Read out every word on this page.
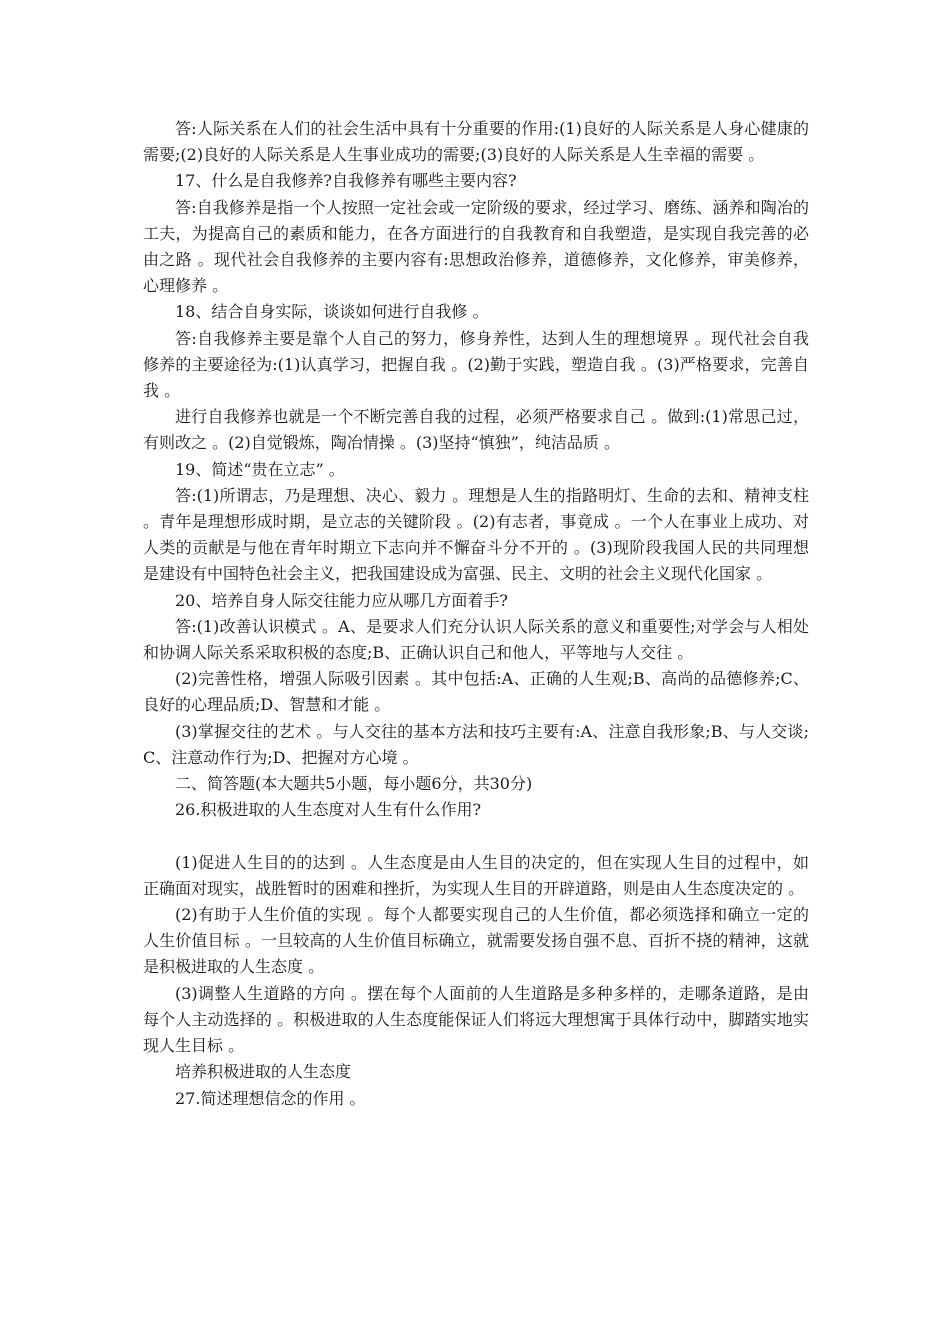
答:人际关系在人们的社会生活中具有十分重要的作用:(1)良好的人际关系是人身心健康的需要;(2)良好的人际关系是人生事业成功的需要;(3)良好的人际关系是人生幸福的需要 。

17、什么是自我修养?自我修养有哪些主要内容?

答:自我修养是指一个人按照一定社会或一定阶级的要求，经过学习、磨练、涵养和陶冶的工夫，为提高自己的素质和能力，在各方面进行的自我教育和自我塑造，是实现自我完善的必由之路 。现代社会自我修养的主要内容有:思想政治修养，道德修养，文化修养，审美修养，心理修养 。

18、结合自身实际，谈谈如何进行自我修 。

答:自我修养主要是靠个人自己的努力，修身养性，达到人生的理想境界 。现代社会自我修养的主要途径为:(1)认真学习，把握自我 。(2)勤于实践，塑造自我 。(3)严格要求，完善自我 。

进行自我修养也就是一个不断完善自我的过程，必须严格要求自己 。做到:(1)常思己过，有则改之 。(2)自觉锻炼，陶冶情操 。(3)坚持“慎独”，纯洁品质 。

19、简述“贵在立志” 。

答:(1)所谓志，乃是理想、决心、毅力 。理想是人生的指路明灯、生命的去和、精神支柱 。青年是理想形成时期，是立志的关键阶段 。(2)有志者，事竟成 。一个人在事业上成功、对人类的贡献是与他在青年时期立下志向并不懈奋斗分不开的 。(3)现阶段我国人民的共同理想是建设有中国特色社会主义，把我国建设成为富强、民主、文明的社会主义现代化国家 。

20、培养自身人际交往能力应从哪几方面着手?

答:(1)改善认识模式 。A、是要求人们充分认识人际关系的意义和重要性;对学会与人相处和协调人际关系采取积极的态度;B、正确认识自己和他人，平等地与人交往 。

(2)完善性格，增强人际吸引因素 。其中包括:A、正确的人生观;B、高尚的品德修养;C、良好的心理品质;D、智慧和才能 。

(3)掌握交往的艺术 。与人交往的基本方法和技巧主要有:A、注意自我形象;B、与人交谈;C、注意动作行为;D、把握对方心境 。

二、简答题(本大题共5小题，每小题6分，共30分)

26.积极进取的人生态度对人生有什么作用?

(1)促进人生目的的达到 。人生态度是由人生目的决定的，但在实现人生目的过程中，如正确面对现实，战胜暂时的困难和挫折，为实现人生目的开辟道路，则是由人生态度决定的 。

(2)有助于人生价值的实现 。每个人都要实现自己的人生价值，都必须选择和确立一定的人生价值目标 。一旦较高的人生价值目标确立，就需要发扬自强不息、百折不挠的精神，这就是积极进取的人生态度 。

(3)调整人生道路的方向 。摆在每个人面前的人生道路是多种多样的，走哪条道路，是由每个人主动选择的 。积极进取的人生态度能保证人们将远大理想寓于具体行动中，脚踏实地实现人生目标 。

培养积极进取的人生态度

27.简述理想信念的作用 。
